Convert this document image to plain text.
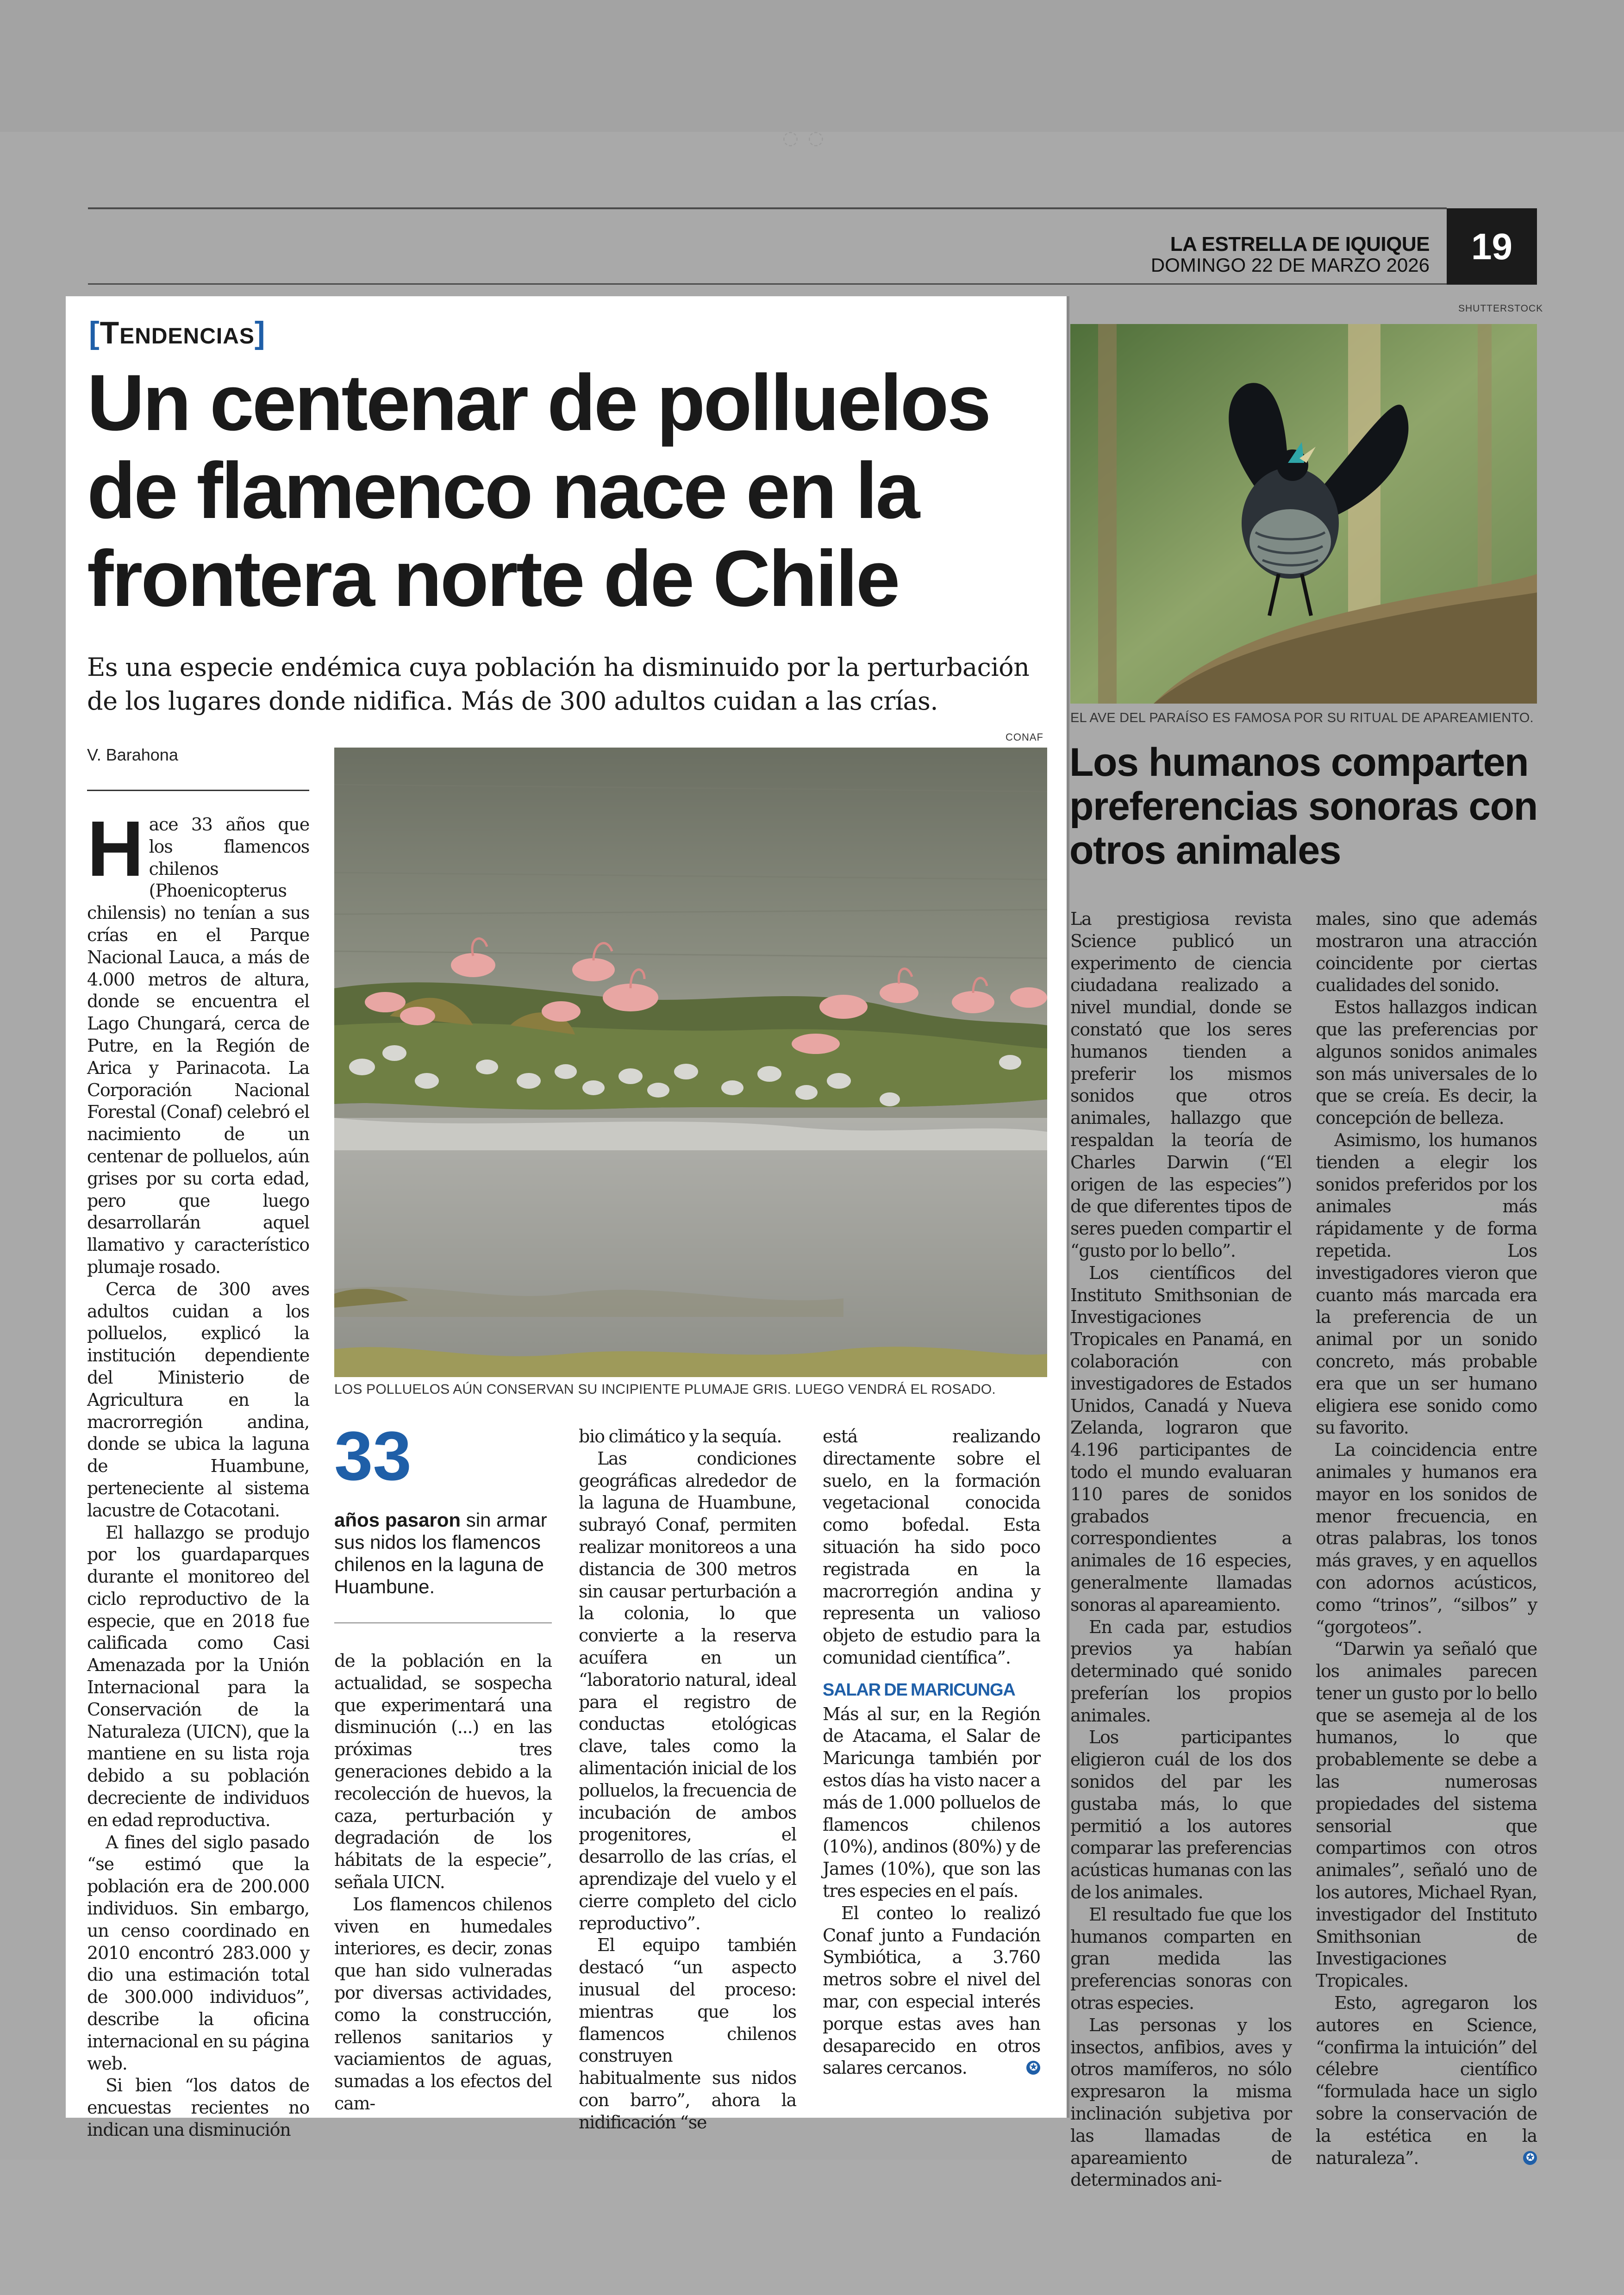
◌◌
LA ESTRELLA DE IQUIQUE
DOMINGO 22 DE MARZO 2026	19
[Tendencias]
Un centenar de polluelos de flamenco nace en la frontera norte de Chile

Es una especie endémica cuya población ha disminuido por la perturbación de los lugares donde nidifica. Más de 300 adultos cuidan a las crías.

CONAF
V. Barahona
LOS POLLUELOS AÚN CONSERVAN SU INCIPIENTE PLUMAJE GRIS. LUEGO VENDRÁ EL ROSADO.

Hace 33 años que los flamencos chilenos (Phoenicopterus chilensis) no tenían a sus crías en el Parque Nacional Lauca, a más de 4.000 metros de altura, donde se encuentra el Lago Chungará, cerca de Putre, en la Región de Arica y Parinacota. La Corporación Nacional Forestal (Conaf) celebró el nacimiento de un centenar de polluelos, aún grises por su corta edad, pero que luego desarrollarán aquel llamativo y característico plumaje rosado.

Cerca de 300 aves adultos cuidan a los polluelos, explicó la institución dependiente del Ministerio de Agricultura en la macrorregión andina, donde se ubica la laguna de Huambune, perteneciente al sistema lacustre de Cotacotani.

El hallazgo se produjo por los guardaparques durante el monitoreo del ciclo reproductivo de la especie, que en 2018 fue calificada como Casi Amenazada por la Unión Internacional para la Conservación de la Naturaleza (UICN), que la mantiene en su lista roja debido a su población decreciente de individuos en edad reproductiva.

A fines del siglo pasado “se estimó que la población era de 200.000 individuos. Sin embargo, un censo coordinado en 2010 encontró 283.000 y dio una estimación total de 300.000 individuos”, describe la oficina internacional en su página web.

Si bien “los datos de encuestas recientes no indican una disminución

33
años pasaron sin armar sus nidos los flamencos chilenos en la laguna de Huambune.

de la población en la actualidad, se sospecha que experimentará una disminución (...) en las próximas tres generaciones debido a la recolección de huevos, la caza, perturbación y degradación de los hábitats de la especie”, señala UICN.

Los flamencos chilenos viven en humedales interiores, es decir, zonas que han sido vulneradas por diversas actividades, como la construcción, rellenos sanitarios y vaciamientos de aguas, sumadas a los efectos del cam-

bio climático y la sequía.

Las condiciones geográficas alrededor de la laguna de Huambune, subrayó Conaf, permiten realizar monitoreos a una distancia de 300 metros sin causar perturbación a la colonia, lo que convierte a la reserva acuífera en un “laboratorio natural, ideal para el registro de conductas etológicas clave, tales como la alimentación inicial de los polluelos, la frecuencia de incubación de ambos progenitores, el desarrollo de las crías, el aprendizaje del vuelo y el cierre completo del ciclo reproductivo”.

El equipo también destacó “un aspecto inusual del proceso: mientras que los flamencos chilenos construyen habitualmente sus nidos con barro”, ahora la nidificación “se

está realizando directamente sobre el suelo, en la formación vegetacional conocida como bofedal. Esta situación ha sido poco registrada en la macrorregión andina y representa un valioso objeto de estudio para la comunidad científica”.

SALAR DE MARICUNGA

Más al sur, en la Región de Atacama, el Salar de Maricunga también por estos días ha visto nacer a más de 1.000 polluelos de flamencos chilenos (10%), andinos (80%) y de James (10%), que son las tres especies en el país.

El conteo lo realizó Conaf junto a Fundación Symbiótica, a 3.760 metros sobre el nivel del mar, con especial interés porque estas aves han desaparecido en otros salares cercanos.	✪

SHUTTERSTOCK
EL AVE DEL PARAÍSO ES FAMOSA POR SU RITUAL DE APAREAMIENTO.
Los humanos comparten preferencias sonoras con otros animales

La prestigiosa revista Science publicó un experimento de ciencia ciudadana realizado a nivel mundial, donde se constató que los seres humanos tienden a preferir los mismos sonidos que otros animales, hallazgo que respaldan la teoría de Charles Darwin (“El origen de las especies”) de que diferentes tipos de seres pueden compartir el “gusto por lo bello”.

Los científicos del Instituto Smithsonian de Investigaciones Tropicales en Panamá, en colaboración con investigadores de Estados Unidos, Canadá y Nueva Zelanda, lograron que 4.196 participantes de todo el mundo evaluaran 110 pares de sonidos grabados correspondientes a animales de 16 especies, generalmente llamadas sonoras al apareamiento.

En cada par, estudios previos ya habían determinado qué sonido preferían los propios animales.

Los participantes eligieron cuál de los dos sonidos del par les gustaba más, lo que permitió a los autores comparar las preferencias acústicas humanas con las de los animales.

El resultado fue que los humanos comparten en gran medida las preferencias sonoras con otras especies.

Las personas y los insectos, anfibios, aves y otros mamíferos, no sólo expresaron la misma inclinación subjetiva por las llamadas de apareamiento de determinados ani-

males, sino que además mostraron una atracción coincidente por ciertas cualidades del sonido.

Estos hallazgos indican que las preferencias por algunos sonidos animales son más universales de lo que se creía. Es decir, la concepción de belleza.

Asimismo, los humanos tienden a elegir los sonidos preferidos por los animales más rápidamente y de forma repetida. Los investigadores vieron que cuanto más marcada era la preferencia de un animal por un sonido concreto, más probable era que un ser humano eligiera ese sonido como su favorito.

La coincidencia entre animales y humanos era mayor en los sonidos de menor frecuencia, en otras palabras, los tonos más graves, y en aquellos con adornos acústicos, como “trinos”, “silbos” y “gorgoteos”.

“Darwin ya señaló que los animales parecen tener un gusto por lo bello que se asemeja al de los humanos, lo que probablemente se debe a las numerosas propiedades del sistema sensorial que compartimos con otros animales”, señaló uno de los autores, Michael Ryan, investigador del Instituto Smithsonian de Investigaciones Tropicales.

Esto, agregaron los autores en Science, “confirma la intuición” del célebre científico “formulada hace un siglo sobre la conservación de la estética en la naturaleza”.	✪
